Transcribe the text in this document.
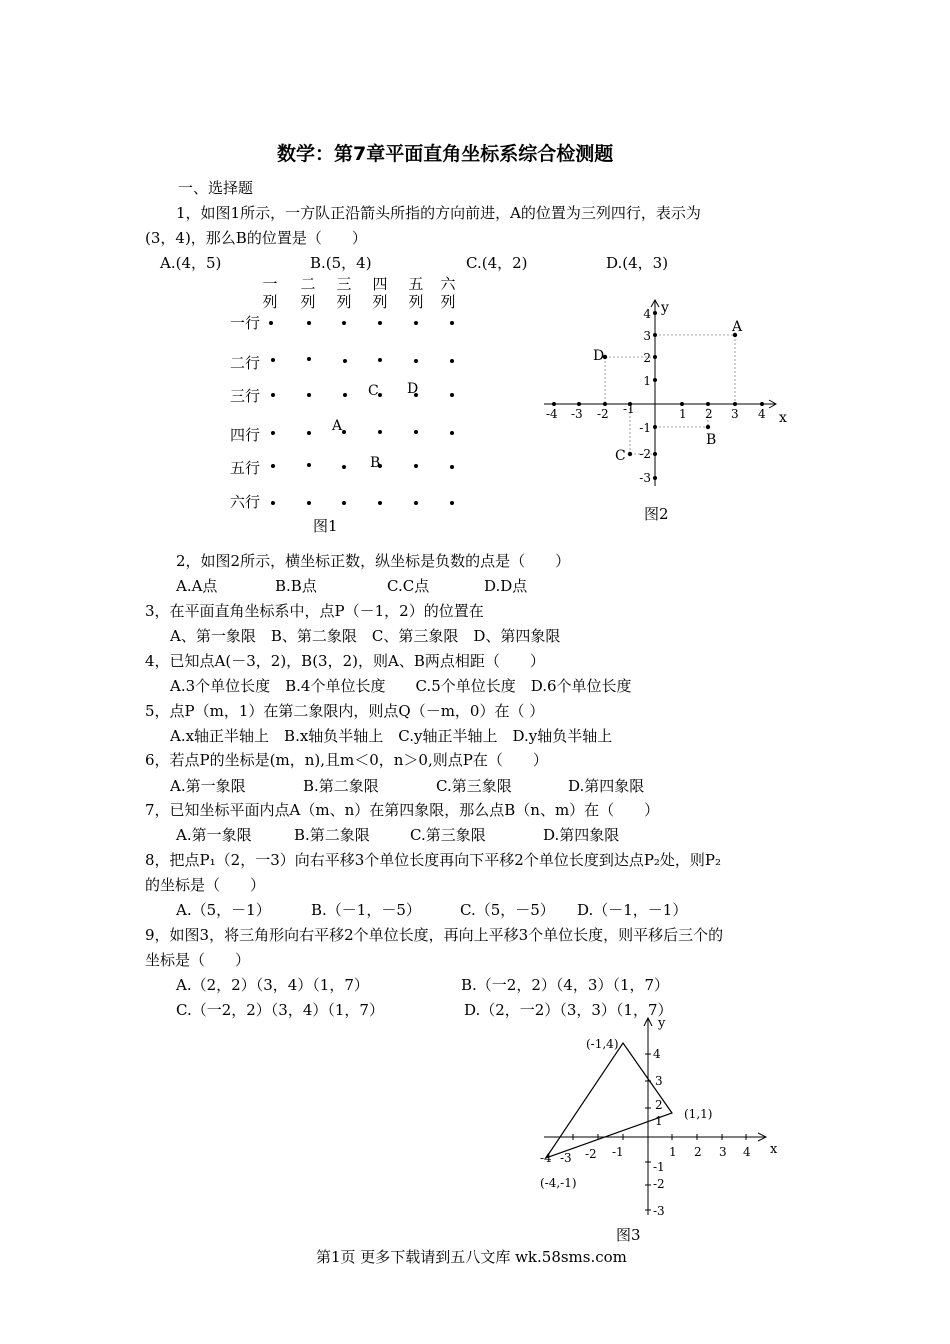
数学：第7章平面直角坐标系综合检测题
一、选择题
1，如图1所示，一方队正沿箭头所指的方向前进，A的位置为三列四行，表示为
(3，4)，那么B的位置是（　　）
A.(4，5)	B.(5，4)	C.(4，2)	D.(4，3)
一
列
二
列
三
列
四
列
五
列
六
列
一行
二行
三行
四行
五行
六行
C D
A
B
图1
-4 -3 -2 -1	1 2 3 4
4
3
2
1
-1
-2
-3
x
y
A
D
B
C
图2
2，如图2所示，横坐标正数，纵坐标是负数的点是（　　）
A.A点	B.B点	C.C点	D.D点
3，在平面直角坐标系中，点P（－1，2）的位置在
A、第一象限　B、第二象限　C、第三象限　D、第四象限
4，已知点A(－3，2)，B(3，2)，则A、B两点相距（　　）
A.3个单位长度　B.4个单位长度　　C.5个单位长度　D.6个单位长度
5，点P（m，1）在第二象限内，则点Q（－m，0）在（ ）
A.x轴正半轴上　B.x轴负半轴上　C.y轴正半轴上　D.y轴负半轴上
6，若点P的坐标是(m，n),且m＜0，n＞0,则点P在（　　）
A.第一象限	B.第二象限	C.第三象限	D.第四象限
7，已知坐标平面内点A（m、n）在第四象限，那么点B（n、m）在（　　）
A.第一象限	B.第二象限	C.第三象限	D.第四象限
8，把点P₁（2，一3）向右平移3个单位长度再向下平移2个单位长度到达点P₂处，则P₂
的坐标是（　　）
A.（5，－1）	B.（－1，－5）	C.（5，－5） D.（－1，－1）
9，如图3，将三角形向右平移2个单位长度，再向上平移3个单位长度，则平移后三个的
坐标是（　　）
A.（2，2）（3，4）（1，7）	B.（一2，2）（4，3）（1，7）
C.（一2，2）（3，4）（1，7）	D.（2，一2）（3，3）（1，7）
-4 -3 -2 -1	1 2 3 4
4
3
2
1
-1
-2
-3
x
y
(-1,4)
(1,1)
(-4,-1)
图3
第1页 更多下载请到五八文库 wk.58sms.com
